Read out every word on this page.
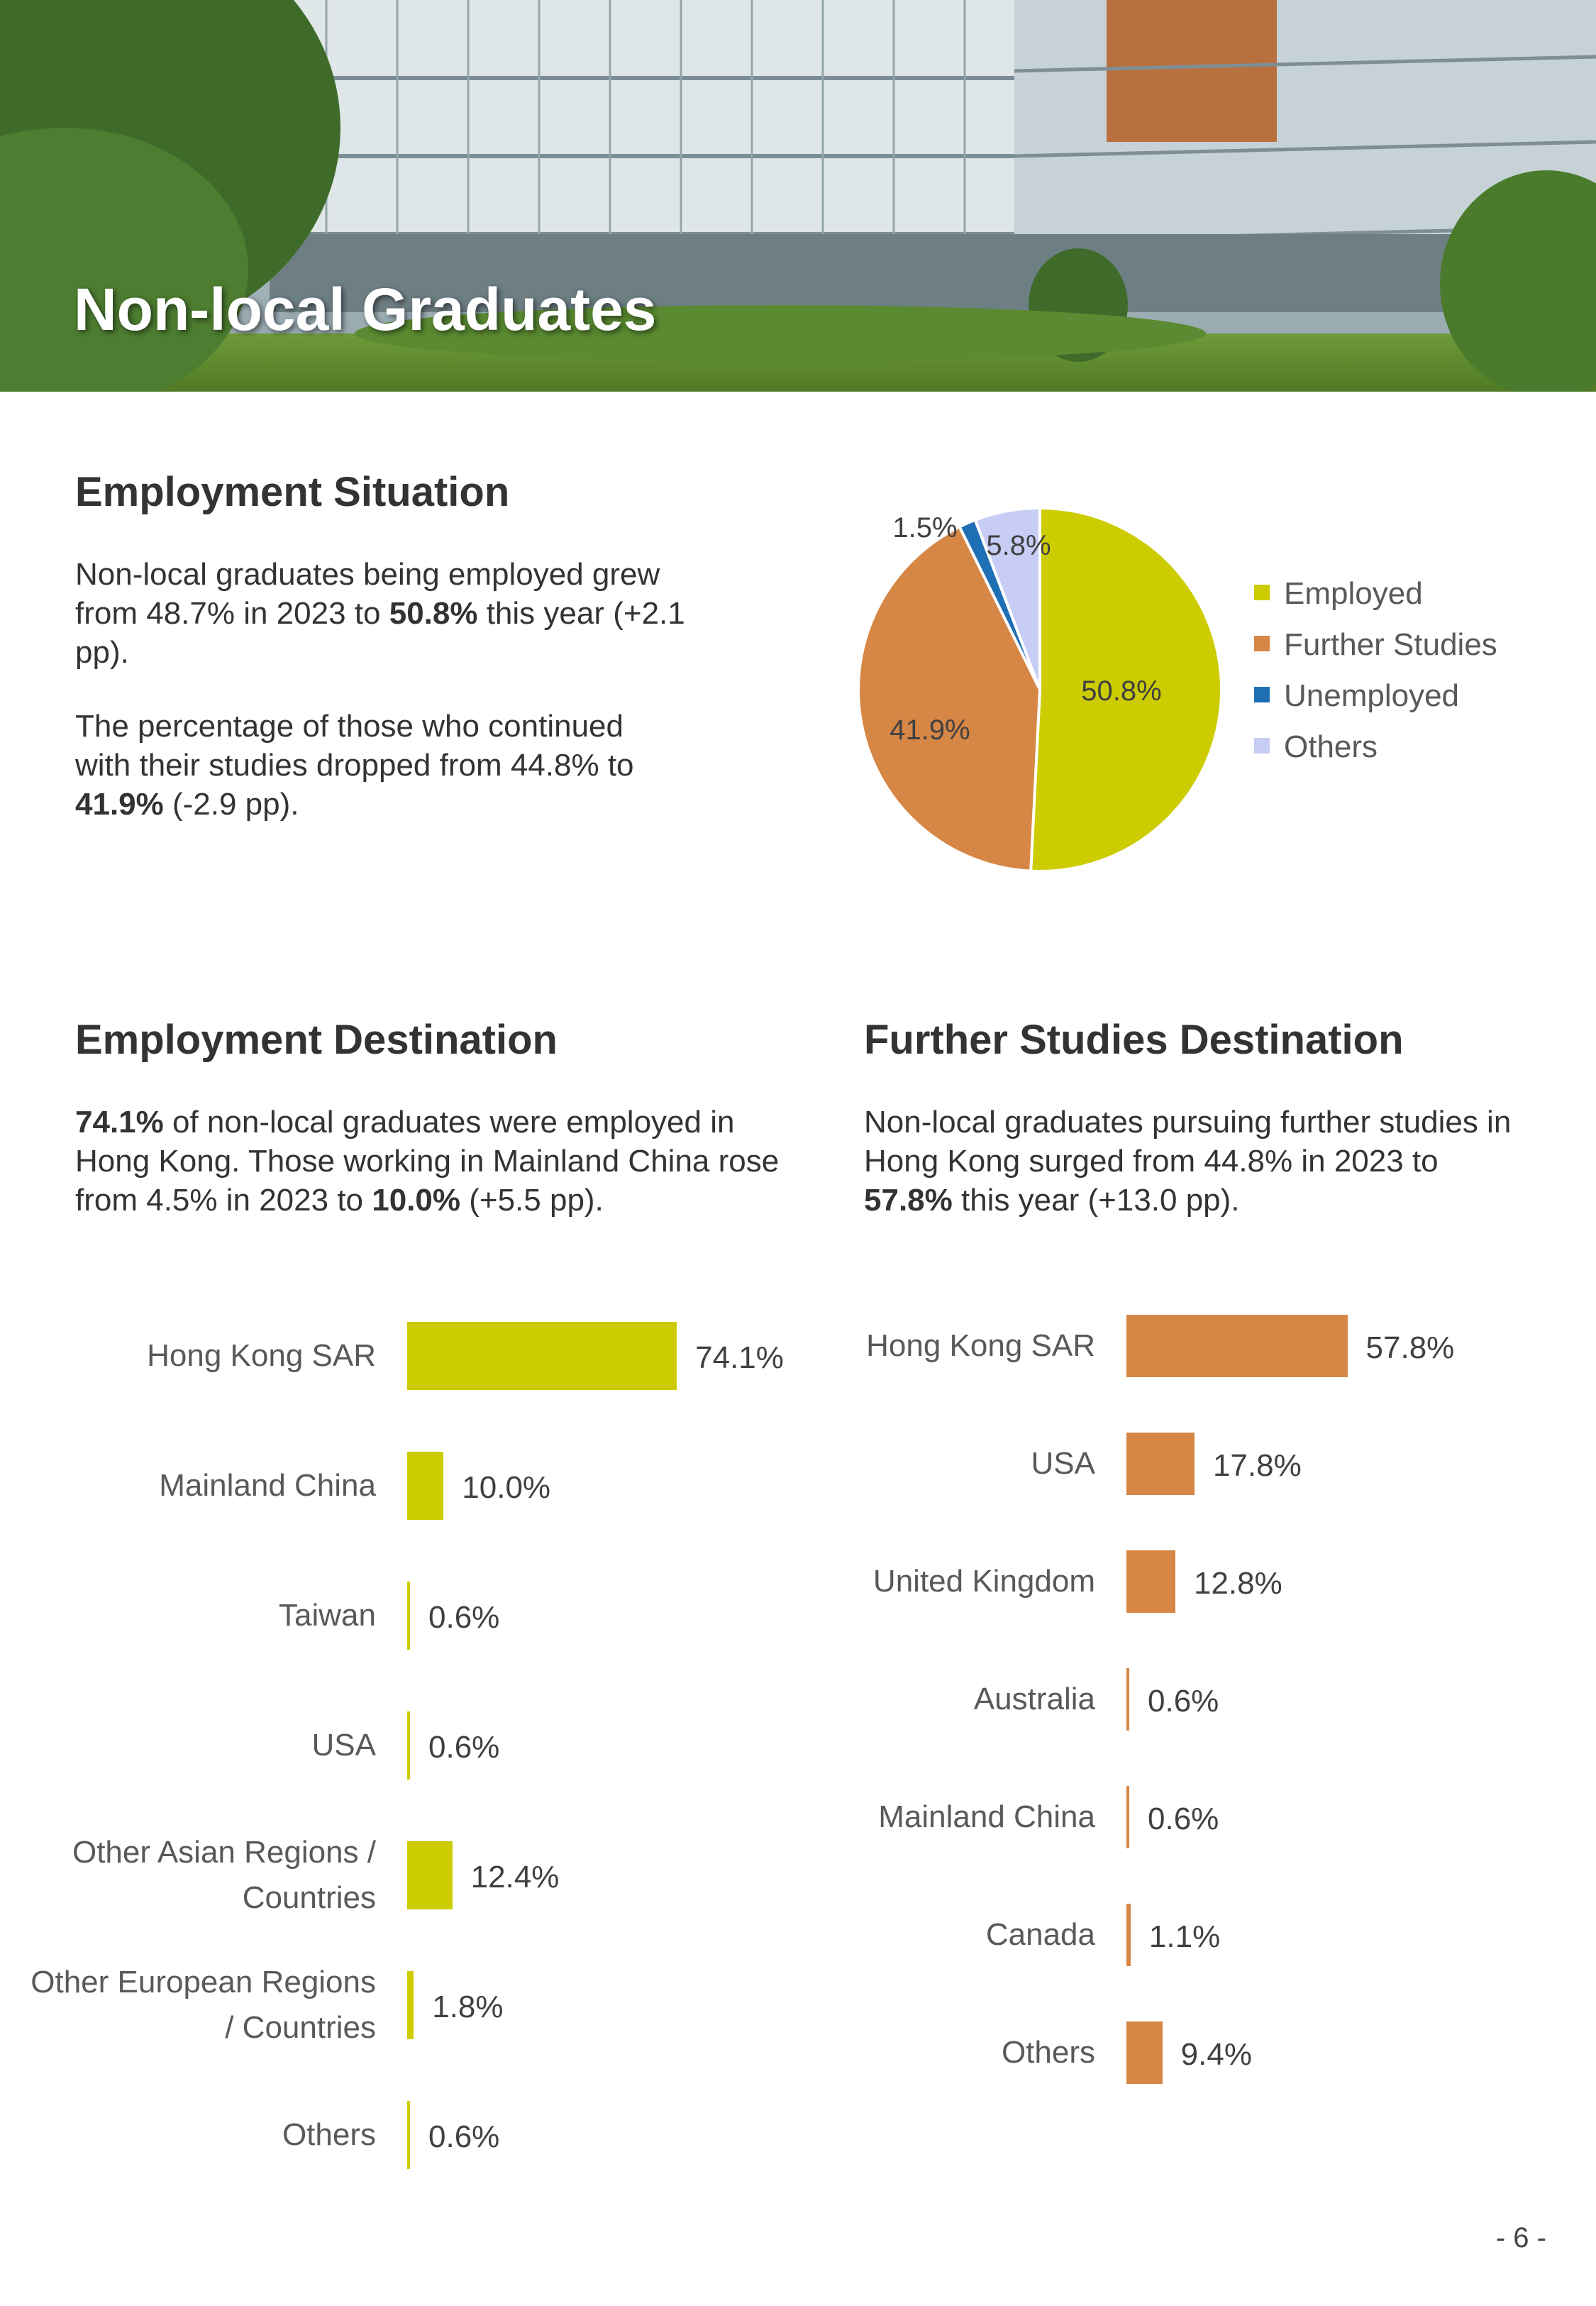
Non-local Graduates
Employment Situation
Non-local graduates being employed grew from 48.7% in 2023 to 50.8% this year (+2.1 pp).
The percentage of those who continued with their studies dropped from 44.8% to 41.9% (-2.9 pp).
50.8%
41.9%
1.5%
5.8%
Employed
Further Studies
Unemployed
Others
Employment Destination
74.1% of non-local graduates were employed in Hong Kong. Those working in Mainland China rose from 4.5% in 2023 to 10.0% (+5.5 pp).
Hong Kong SAR	74.1%
Mainland China	10.0%
Taiwan 0.6%
USA 0.6%
Other Asian Regions / Countries
12.4%
Other European Regions / Countries
1.8%
Others 0.6%
Further Studies Destination
Non-local graduates pursuing further studies in Hong Kong surged from 44.8% in 2023 to 57.8% this year (+13.0 pp).
Hong Kong SAR	57.8%
USA	17.8%
United Kingdom	12.8%
Australia 0.6%
Mainland China 0.6%
Canada 1.1%
Others	9.4%
- 6 -
